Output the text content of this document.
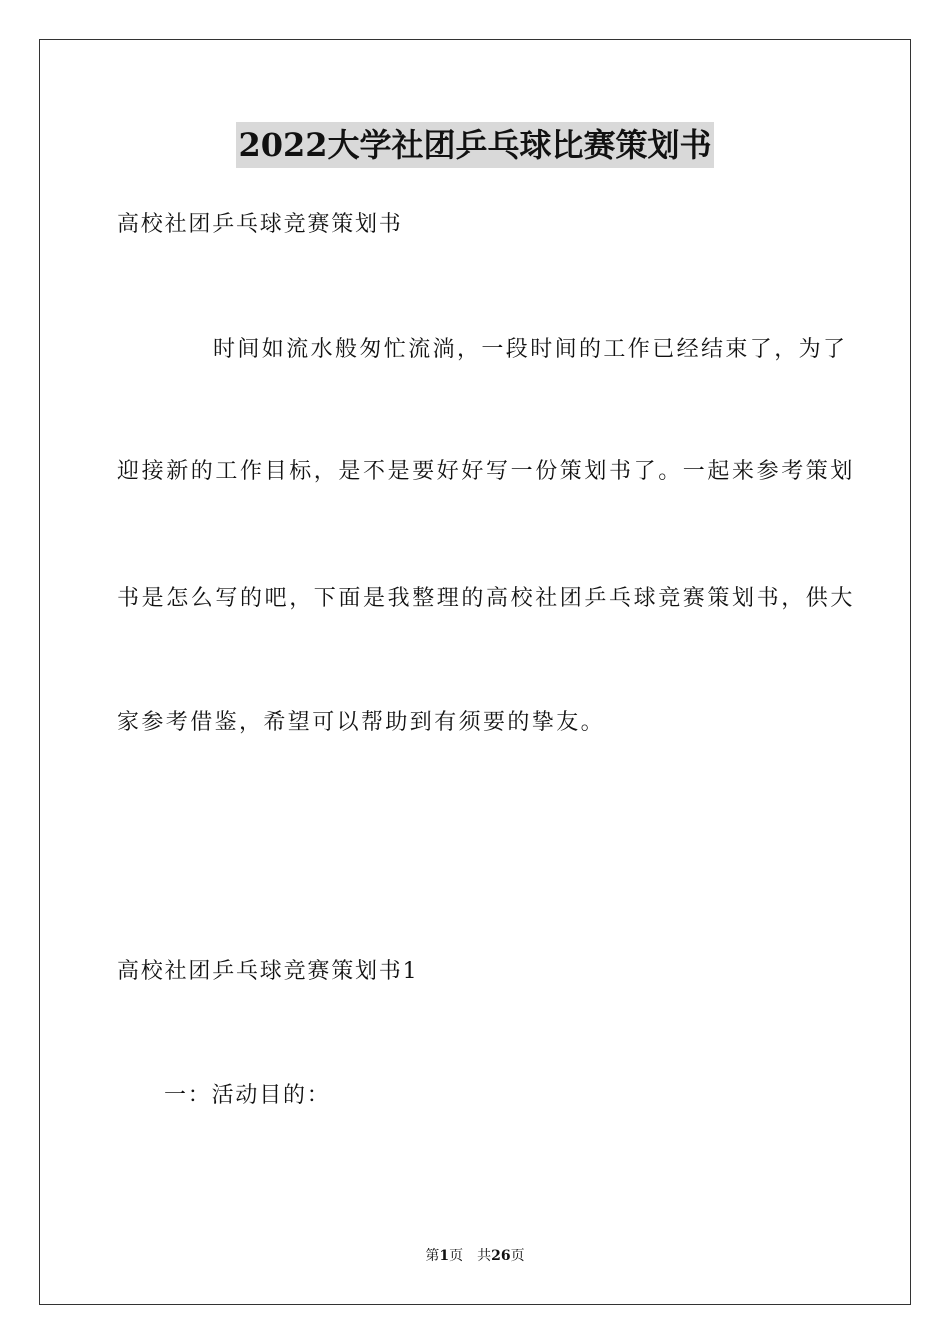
2022大学社团乒乓球比赛策划书
高校社团乒乓球竞赛策划书
时间如流水般匆忙流淌，一段时间的工作已经结束了，为了
迎接新的工作目标，是不是要好好写一份策划书了。一起来参考策划
书是怎么写的吧，下面是我整理的高校社团乒乓球竞赛策划书，供大
家参考借鉴，希望可以帮助到有须要的挚友。
高校社团乒乓球竞赛策划书1
一：活动目的：
第1页 共26页
